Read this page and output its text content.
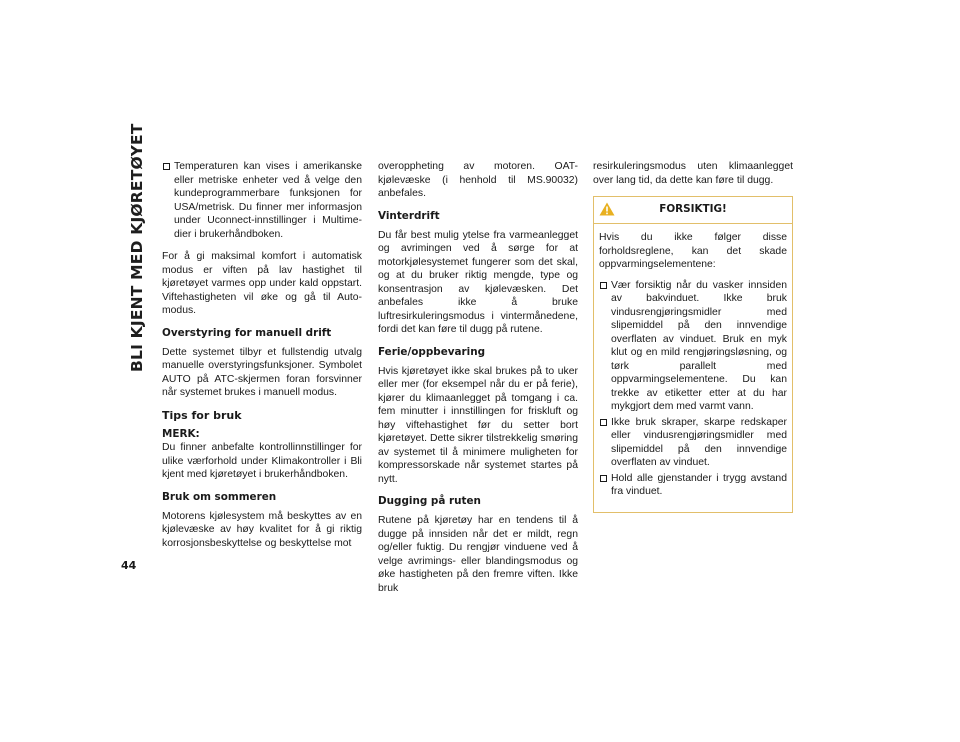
BLI KJENT MED KJØRETØYET
44
Temperaturen kan vises i amerikanske eller metriske enheter ved å velge den kundeprogrammerbare funksjonen for USA/metrisk. Du finner mer informasjon under Uconnect-innstillinger i Multimedier i brukerhåndboken.

For å gi maksimal komfort i automatisk modus er viften på lav hastighet til kjøretøyet varmes opp under kald oppstart. Viftehastigheten vil øke og gå til Auto-modus.

Overstyring for manuell drift

Dette systemet tilbyr et fullstendig utvalg manuelle overstyringsfunksjoner. Symbolet AUTO på ATC-skjermen foran forsvinner når systemet brukes i manuell modus.

Tips for bruk

MERK:
Du finner anbefalte kontrollinnstillinger for ulike værforhold under Klimakontroller i Bli kjent med kjøretøyet i brukerhåndboken.

Bruk om sommeren

Motorens kjølesystem må beskyttes av en kjølevæske av høy kvalitet for å gi riktig korrosjonsbeskyttelse og beskyttelse mot

overoppheting av motoren. OAT-kjølevæske (i henhold til MS.90032) anbefales.

Vinterdrift

Du får best mulig ytelse fra varmeanlegget og avrimingen ved å sørge for at motorkjølesystemet fungerer som det skal, og at du bruker riktig mengde, type og konsentrasjon av kjølevæsken. Det anbefales ikke å bruke luftresirkuleringsmodus i vintermånedene, fordi det kan føre til dugg på rutene.

Ferie/oppbevaring

Hvis kjøretøyet ikke skal brukes på to uker eller mer (for eksempel når du er på ferie), kjører du klimaanlegget på tomgang i ca. fem minutter i innstillingen for friskluft og høy viftehastighet før du setter bort kjøretøyet. Dette sikrer tilstrekkelig smøring av systemet til å minimere muligheten for kompressorskade når systemet startes på nytt.

Dugging på ruten

Rutene på kjøretøy har en tendens til å dugge på innsiden når det er mildt, regn og/eller fuktig. Du rengjør vinduene ved å velge avrimings- eller blandingsmodus og øke hastigheten på den fremre viften. Ikke bruk

resirkuleringsmodus uten klimaanlegget over lang tid, da dette kan føre til dugg.

FORSIKTIG!

Hvis du ikke følger disse forholdsreglene, kan det skade oppvarmingselementene:

Vær forsiktig når du vasker innsiden av bakvinduet. Ikke bruk vindusrengjøringsmidler med slipemiddel på den innvendige overflaten av vinduet. Bruk en myk klut og en mild rengjøringsløsning, og tørk parallelt med oppvarmingselementene. Du kan trekke av etiketter etter at du har mykgjort dem med varmt vann.
Ikke bruk skraper, skarpe redskaper eller vindusrengjøringsmidler med slipemiddel på den innvendige overflaten av vinduet.
Hold alle gjenstander i trygg avstand fra vinduet.
